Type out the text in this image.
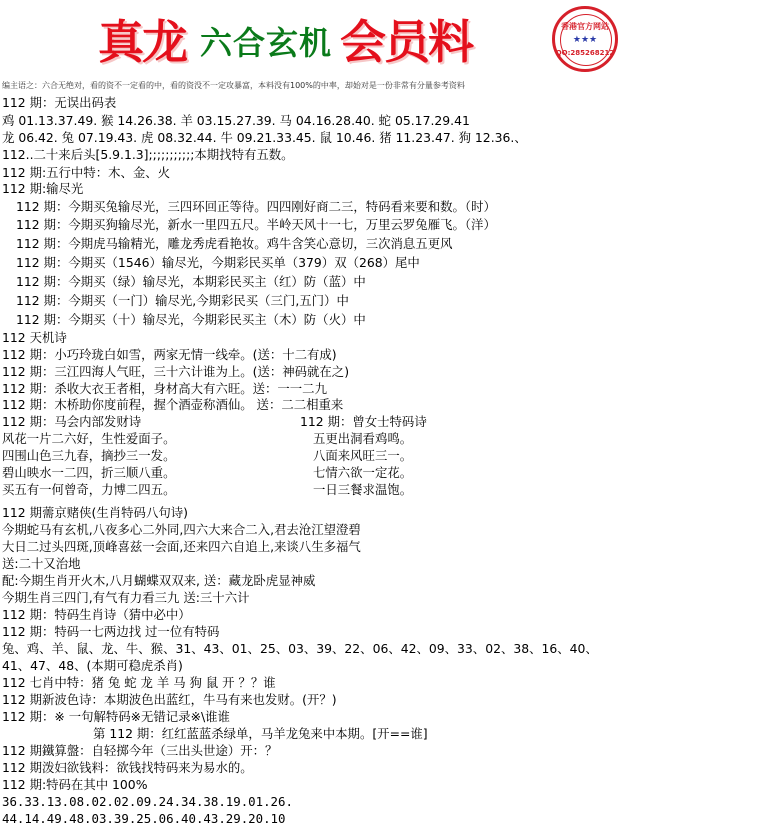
真龙 六合玄机 会员料	香港官方网站
★★★
QQ:285268212
编主语之：六合无绝对，看的资不一定看的中，看的资没不一定攻暴富，本料没有100%的中率，却始对是一份非常有分量参考资料
112 期：无误出码表
鸡 01.13.37.49. 猴 14.26.38. 羊 03.15.27.39. 马 04.16.28.40. 蛇 05.17.29.41
龙 06.42. 兔 07.19.43. 虎 08.32.44. 牛 09.21.33.45. 鼠 10.46. 猪 11.23.47. 狗 12.36.、
112..二十来后头[5.9.1.3];;;;;;;;;;;本期找特有五数。
112 期:五行中特：木、金、火
112 期:输尽光
112 期：今期买兔输尽光，三四环回正等待。四四刚好商二三，特码看来要和数。（时）
112 期：今期买狗输尽光，新水一里四五尺。半岭天风十一七，万里云罗兔雁飞。（洋）
112 期：今期虎马输精光，雕龙秀虎看艳妆。鸡牛含笑心意切，三次消息五更风
112 期：今期买（1546）输尽光，今期彩民买单（379）双（268）尾中
112 期：今期买（绿）输尽光，本期彩民买主（红）防（蓝）中
112 期：今期买（一门）输尽光,今期彩民买（三门,五门）中
112 期：今期买（十）输尽光，今期彩民买主（木）防（火）中
112 天机诗
112 期：小巧玲珑白如雪，两家无情一线牵。(送：十二有成)
112 期：三江四海人气旺，三十六计谁为上。(送：神码就在之)
112 期：杀收大衣王者相，身材高大有六旺。送：一一二九
112 期：木桥助你度前程，握个酒壶称酒仙。 送：二二相重来
112 期：马会内部发财诗
风花一片二六好，生性爱面子。
四围山色三九春，摘抄三一发。
碧山映水一二四，折三顺八重。
买五有一何曾奇，力博二四五。
112 期：曾女士特码诗
五更出洞看鸡鸣。
八面来风旺三一。
七情六欲一定花。
一日三餐求温饱。
112 期薷京赌侠(生肖特码八句诗)
今期蛇马有玄机,八夜多心二外同,四六大来合二入,君去沧江望澄碧
大日二过头四斑,顶峰喜兹一会面,还来四六自追上,来谈八生多福气
送:二十又治地
配:今期生肖开火木,八月蝴蝶双双来, 送：藏龙卧虎显神威
今期生肖三四门,有气有力看三九 送:三十六计
112 期：特码生肖诗（猜中必中）
112 期：特码一七两边找 过一位有特码
兔、鸡、羊、鼠、龙、牛、猴、31、43、01、25、03、39、22、06、42、09、33、02、38、16、40、
41、47、48、(本期可稳虎杀肖)
112 七肖中特：猪 兔 蛇 龙 羊 马 狗 鼠 开 ？？谁
112 期新波色诗：本期波色出蓝红，牛马有来也发财。(开？)
112 期：※ 一句解特码※无错记录※\谁谁
第 112 期：红红蓝蓝杀绿单，马羊龙兔来中本期。[开==谁]
112 期鐵算盤：自轻掷今年（三出头世途）开：？
112 期泼妇欲钱料：欲钱找特码来为易水的。
112 期:特码在其中 100%
36.33.13.08.02.02.09.24.34.38.19.01.26.
44.14.49.48.03.39.25.06.40.43.29.20.10
